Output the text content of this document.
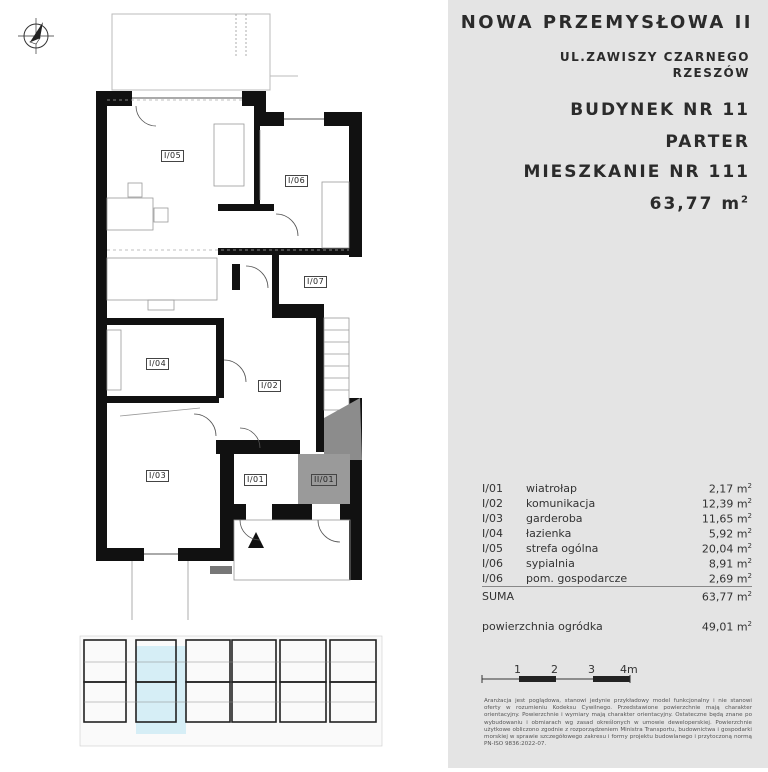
I/05
I/06
I/07
I/04
I/02
I/03	I/01	II/01
NOWA PRZEMYSŁOWA II
UL.ZAWISZY CZARNEGO
RZESZÓW
BUDYNEK NR 11
PARTER
MIESZKANIE NR 111
63,77 $m^2$
I/01 wiatrołap	2,17 $m^2$
I/02 komunikacja	12,39 $m^2$
I/03 garderoba	11,65 $m^2$
I/04 łazienka	5,92 $m^2$
I/05 strefa ogólna	20,04 $m^2$
I/06 sypialnia	8,91 $m^2$
I/06 pom. gospodarcze	2,69 $m^2$
SUMA	63,77 $m^2$
powierzchnia ogródka	49,01 $m^2$
1	2	3 4m
Aranżacja jest poglądowa, stanowi jedynie przykładowy model funkcjonalny i nie stanowi oferty w rozumieniu Kodeksu Cywilnego. Przedstawione powierzchnie mają charakter orientacyjny. Powierzchnie i wymiary mają charakter orientacyjny. Ostateczne będą znane po wybudowaniu i obmiarach wg zasad określonych w umowie deweloperskiej. Powierzchnie użytkowe obliczono zgodnie z rozporządzeniem Ministra Transportu, budownictwa i gospodarki morskiej w sprawie szczegółowego zakresu i formy projektu budowlanego i przytoczoną normą PN-ISO 9836:2022-07.
